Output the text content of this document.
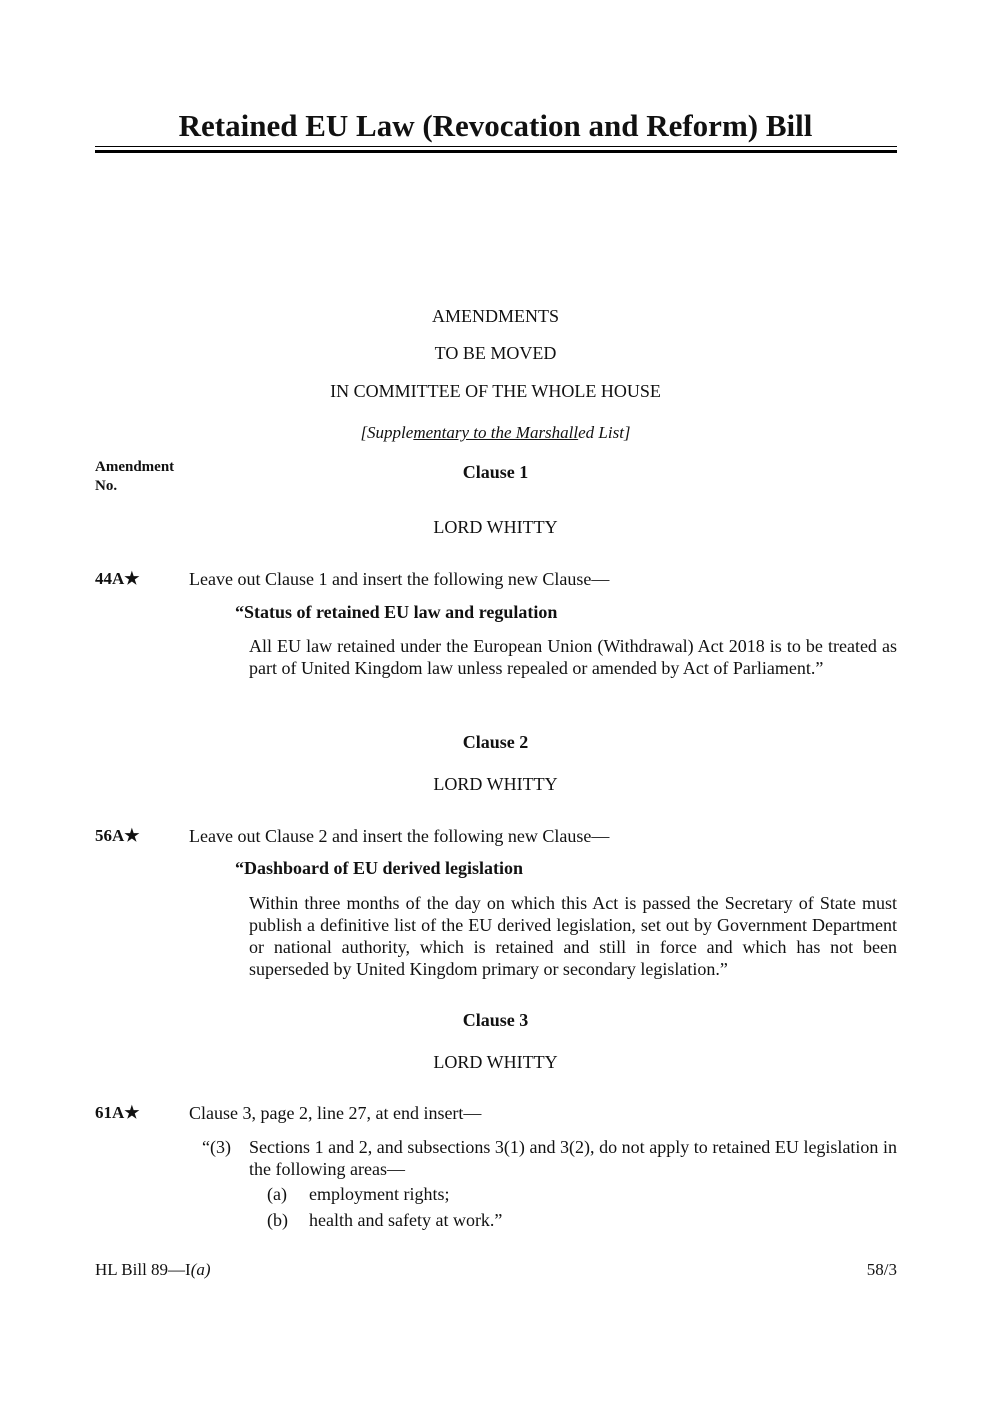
Retained EU Law (Revocation and Reform) Bill
AMENDMENTS
TO BE MOVED
IN COMMITTEE OF THE WHOLE HOUSE
[Supplementary to the Marshalled List]
Amendment
No.
Clause 1
LORD WHITTY
44A★	Leave out Clause 1 and insert the following new Clause—
“Status of retained EU law and regulation
All EU law retained under the European Union (Withdrawal) Act 2018 is to be treated as part of United Kingdom law unless repealed or amended by Act of Parliament.”
Clause 2
LORD WHITTY
56A★	Leave out Clause 2 and insert the following new Clause—
“Dashboard of EU derived legislation
Within three months of the day on which this Act is passed the Secretary of State must publish a definitive list of the EU derived legislation, set out by Government Department or national authority, which is retained and still in force and which has not been superseded by United Kingdom primary or secondary legislation.”
Clause 3
LORD WHITTY
61A★	Clause 3, page 2, line 27, at end insert—
“(3) Sections 1 and 2, and subsections 3(1) and 3(2), do not apply to retained EU legislation in the following areas—
(a) employment rights;
(b) health and safety at work.”
HL Bill 89—I(a)	58/3
